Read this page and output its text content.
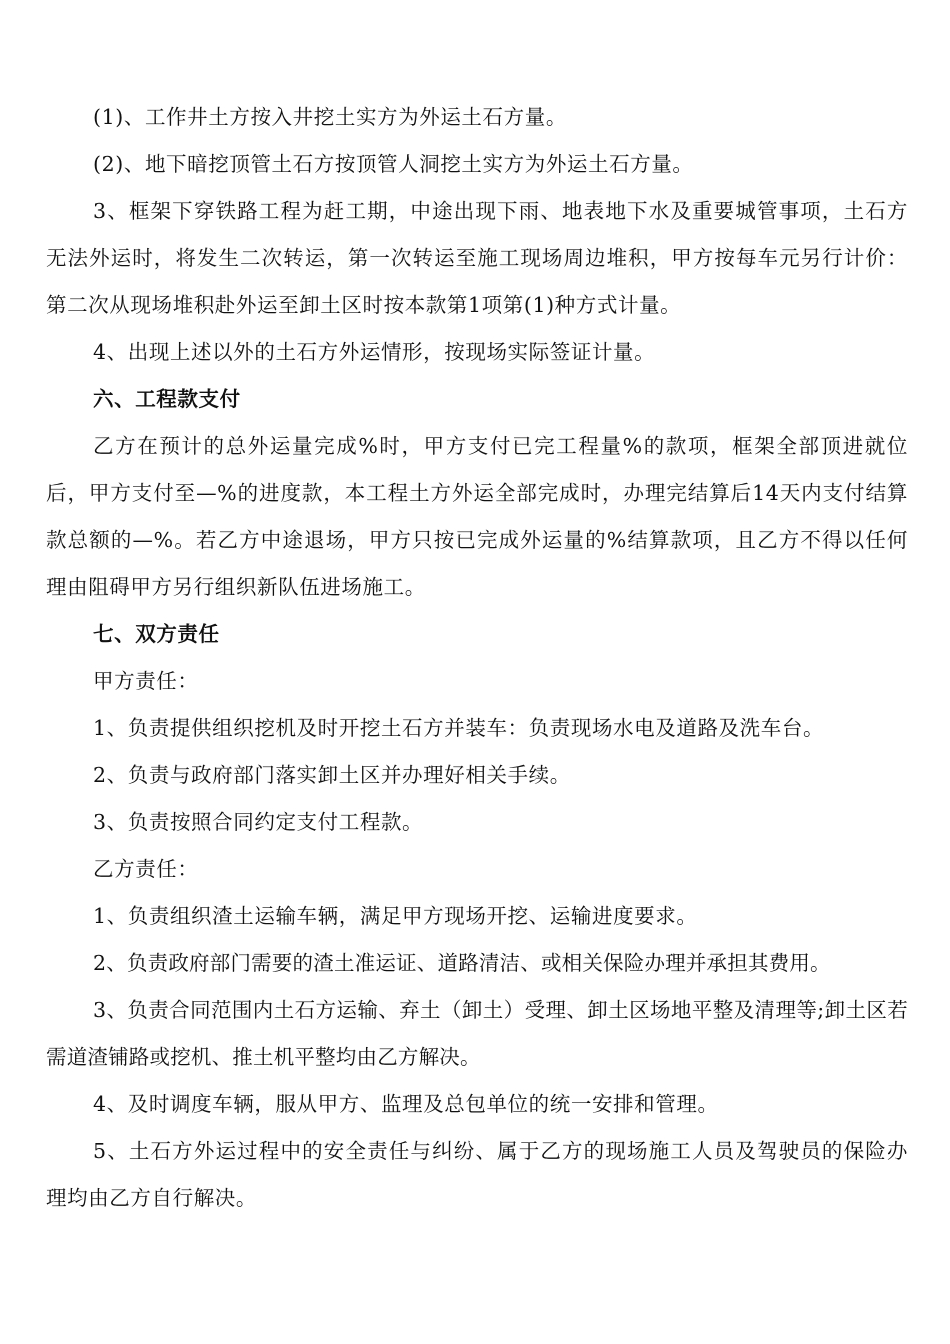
(1)、工作井土方按入井挖土实方为外运土石方量。

(2)、地下暗挖顶管土石方按顶管人洞挖土实方为外运土石方量。

3、框架下穿铁路工程为赶工期，中途出现下雨、地表地下水及重要城管事项，土石方无法外运时，将发生二次转运，第一次转运至施工现场周边堆积，甲方按每车元另行计价：第二次从现场堆积赴外运至卸土区时按本款第1项第(1)种方式计量。

4、出现上述以外的土石方外运情形，按现场实际签证计量。

六、工程款支付

乙方在预计的总外运量完成%时，甲方支付已完工程量%的款项，框架全部顶进就位后，甲方支付至—%的进度款，本工程土方外运全部完成时，办理完结算后14天内支付结算款总额的—%。若乙方中途退场，甲方只按已完成外运量的%结算款项，且乙方不得以任何理由阻碍甲方另行组织新队伍进场施工。

七、双方责任

甲方责任：

1、负责提供组织挖机及时开挖土石方并装车：负责现场水电及道路及洗车台。

2、负责与政府部门落实卸土区并办理好相关手续。

3、负责按照合同约定支付工程款。

乙方责任：

1、负责组织渣土运输车辆，满足甲方现场开挖、运输进度要求。

2、负责政府部门需要的渣土准运证、道路清洁、或相关保险办理并承担其费用。

3、负责合同范围内土石方运输、弃土（卸土）受理、卸土区场地平整及清理等;卸土区若需道渣铺路或挖机、推土机平整均由乙方解决。

4、及时调度车辆，服从甲方、监理及总包单位的统一安排和管理。

5、土石方外运过程中的安全责任与纠纷、属于乙方的现场施工人员及驾驶员的保险办理均由乙方自行解决。
